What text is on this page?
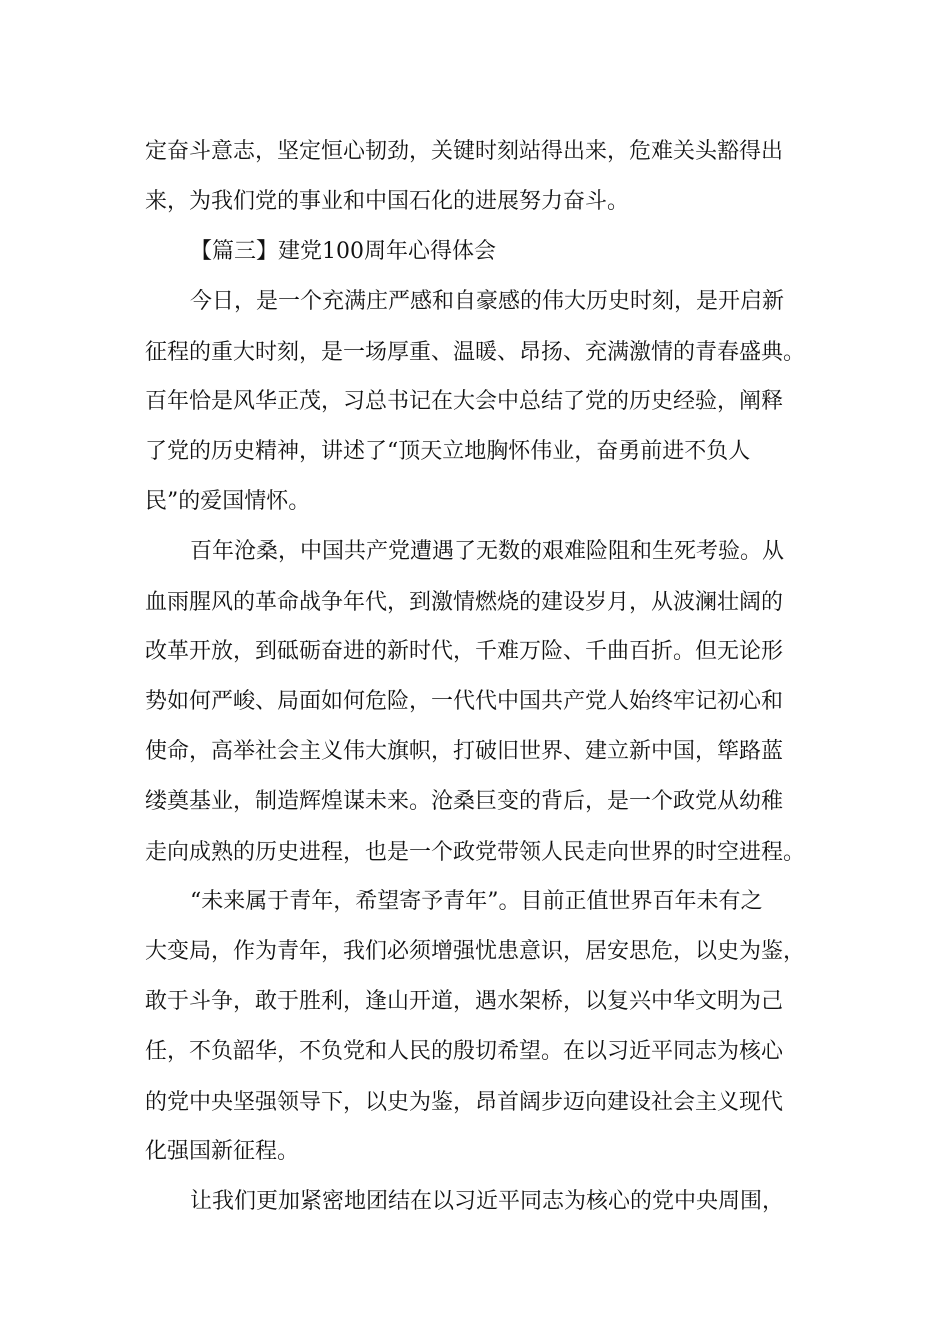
定奋斗意志，坚定恒心韧劲，关键时刻站得出来，危难关头豁得出
来，为我们党的事业和中国石化的进展努力奋斗。
【篇三】建党100周年心得体会
今日，是一个充满庄严感和自豪感的伟大历史时刻，是开启新
征程的重大时刻，是一场厚重、温暖、昂扬、充满激情的青春盛典。
百年恰是风华正茂，习总书记在大会中总结了党的历史经验，阐释
了党的历史精神，讲述了“顶天立地胸怀伟业，奋勇前进不负人
民”的爱国情怀。
百年沧桑，中国共产党遭遇了无数的艰难险阻和生死考验。从
血雨腥风的革命战争年代，到激情燃烧的建设岁月，从波澜壮阔的
改革开放，到砥砺奋进的新时代，千难万险、千曲百折。但无论形
势如何严峻、局面如何危险，一代代中国共产党人始终牢记初心和
使命，高举社会主义伟大旗帜，打破旧世界、建立新中国，筚路蓝
缕奠基业，制造辉煌谋未来。沧桑巨变的背后，是一个政党从幼稚
走向成熟的历史进程，也是一个政党带领人民走向世界的时空进程。
“未来属于青年，希望寄予青年”。目前正值世界百年未有之
大变局，作为青年，我们必须增强忧患意识，居安思危，以史为鉴，
敢于斗争，敢于胜利，逢山开道，遇水架桥，以复兴中华文明为己
任，不负韶华，不负党和人民的殷切希望。在以习近平同志为核心
的党中央坚强领导下，以史为鉴，昂首阔步迈向建设社会主义现代
化强国新征程。
让我们更加紧密地团结在以习近平同志为核心的党中央周围，
